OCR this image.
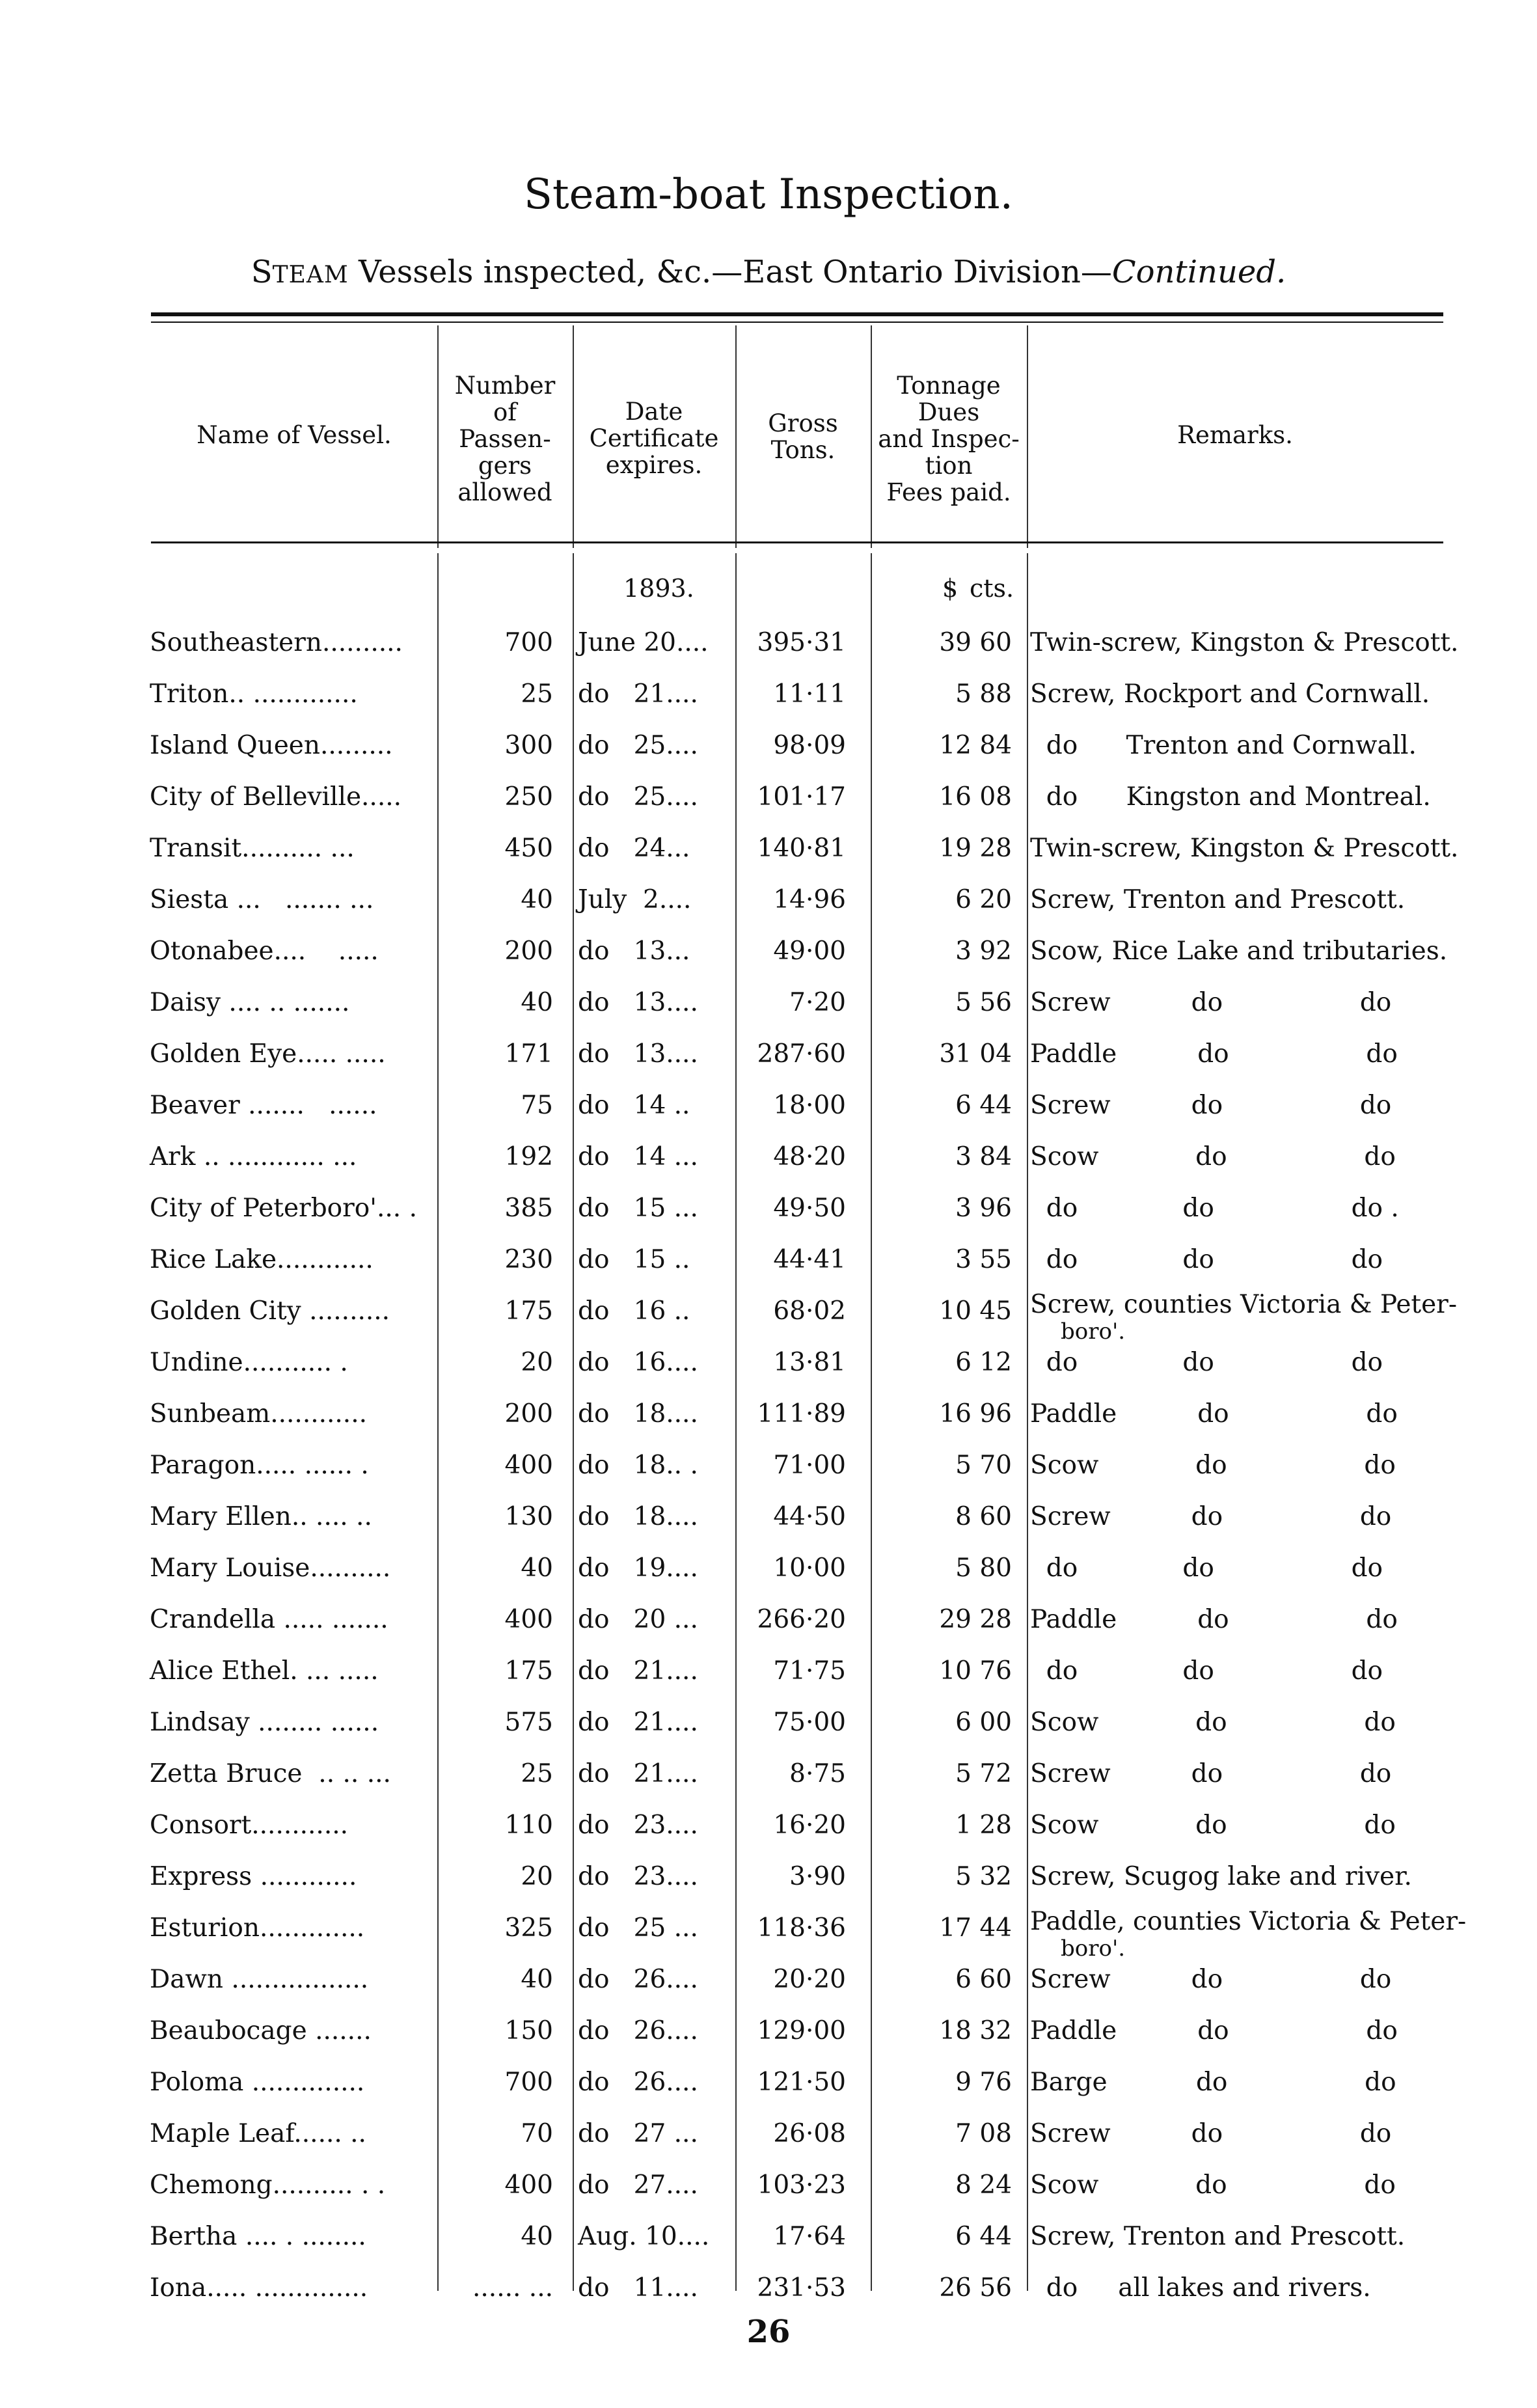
Steam-boat Inspection.
STEAM Vessels inspected, &c.—East Ontario Division—Continued.
Name of Vessel.
Number
of
Passen-
gers
allowed
Date
Certificate
expires.
Gross
Tons.
Tonnage
Dues
and Inspec-
tion
Fees paid.
Remarks.
1893.	$ cts.
Southeastern..........	700 June 20.... 395·31	39 60 Twin-screw, Kingston & Prescott.
Triton.. .............	25 do   21....	11·11	5 88 Screw, Rockport and Cornwall.
Island Queen.........	300 do   25....	98·09	12 84 do      Trenton and Cornwall.
City of Belleville.....	250 do   25.... 101·17	16 08 do      Kingston and Montreal.
Transit.......... ...	450 do   24...	140·81	19 28 Twin-screw, Kingston & Prescott.
Siesta ...   ....... ...	40 July  2....	14·96	6 20 Screw, Trenton and Prescott.
Otonabee....    .....	200 do   13...	49·00	3 92 Scow, Rice Lake and tributaries.
Daisy .... .. .......	40 do   13....	7·20	5 56 Screw          do                 do
Golden Eye..... .....	171 do   13.... 287·60	31 04 Paddle          do                 do
Beaver .......   ......	75 do   14 ..	18·00	6 44 Screw          do                 do
Ark .. ............ ...	192 do   14 ...	48·20	3 84 Scow            do                 do
City of Peterboro'... .	385 do   15 ...	49·50	3 96 do             do                 do .
Rice Lake............	230 do   15 ..	44·41	3 55 do             do                 do
Golden City ..........	175 do   16 ..	68·02	10 45 Screw, counties Victoria & Peter-
boro'.
Undine........... .	20 do   16....	13·81	6 12 do             do                 do
Sunbeam............	200 do   18.... 111·89	16 96 Paddle          do                 do
Paragon..... ...... .	400 do   18.. .	71·00	5 70 Scow            do                 do
Mary Ellen.. .... ..	130 do   18....	44·50	8 60 Screw          do                 do
Mary Louise..........	40 do   19....	10·00	5 80 do             do                 do
Crandella ..... .......	400 do   20 ... 266·20	29 28 Paddle          do                 do
Alice Ethel. ... .....	175 do   21....	71·75	10 76 do             do                 do
Lindsay ........ ......	575 do   21....	75·00	6 00 Scow            do                 do
Zetta Bruce  .. .. ...	25 do   21....	8·75	5 72 Screw          do                 do
Consort............	110 do   23....	16·20	1 28 Scow            do                 do
Express ............	20 do   23....	3·90	5 32 Screw, Scugog lake and river.
Esturion.............	325 do   25 ... 118·36	17 44 Paddle, counties Victoria & Peter-
boro'.
Dawn .................	40 do   26....	20·20	6 60 Screw          do                 do
Beaubocage .......	150 do   26.... 129·00	18 32 Paddle          do                 do
Poloma ..............	700 do   26.... 121·50	9 76 Barge           do                 do
Maple Leaf...... ..	70 do   27 ...	26·08	7 08 Screw          do                 do
Chemong.......... . .	400 do   27.... 103·23	8 24 Scow            do                 do
Bertha .... . ........	40 Aug. 10....	17·64	6 44 Screw, Trenton and Prescott.
Iona..... ..............	...... ... do   11.... 231·53	26 56 do     all lakes and rivers.
26
